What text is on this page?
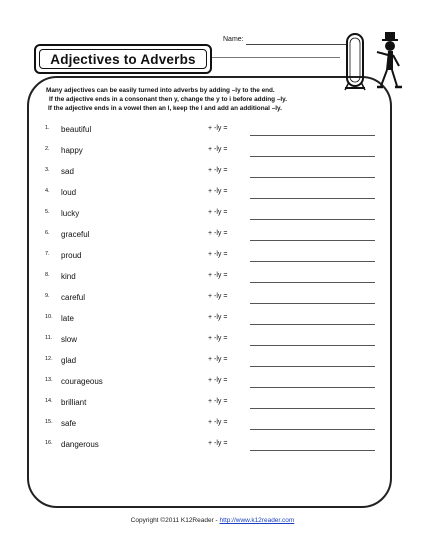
Adjectives to Adverbs
Name:
Many adjectives can be easily turned into adverbs by adding –ly to the end.
If the adjective ends in a consonant then y, change the y to i before adding –ly.
If the adjective ends in a vowel then an l, keep the l and add an additional –ly.
1. beautiful	+ -ly =
2. happy	+ -ly =
3. sad	+ -ly =
4. loud	+ -ly =
5. lucky	+ -ly =
6. graceful	+ -ly =
7. proud	+ -ly =
8. kind	+ -ly =
9. careful	+ -ly =
10. late	+ -ly =
11. slow	+ -ly =
12. glad	+ -ly =
13. courageous	+ -ly =
14. brilliant	+ -ly =
15. safe	+ -ly =
16. dangerous	+ -ly =
Copyright ©2011 K12Reader - http://www.k12reader.com
